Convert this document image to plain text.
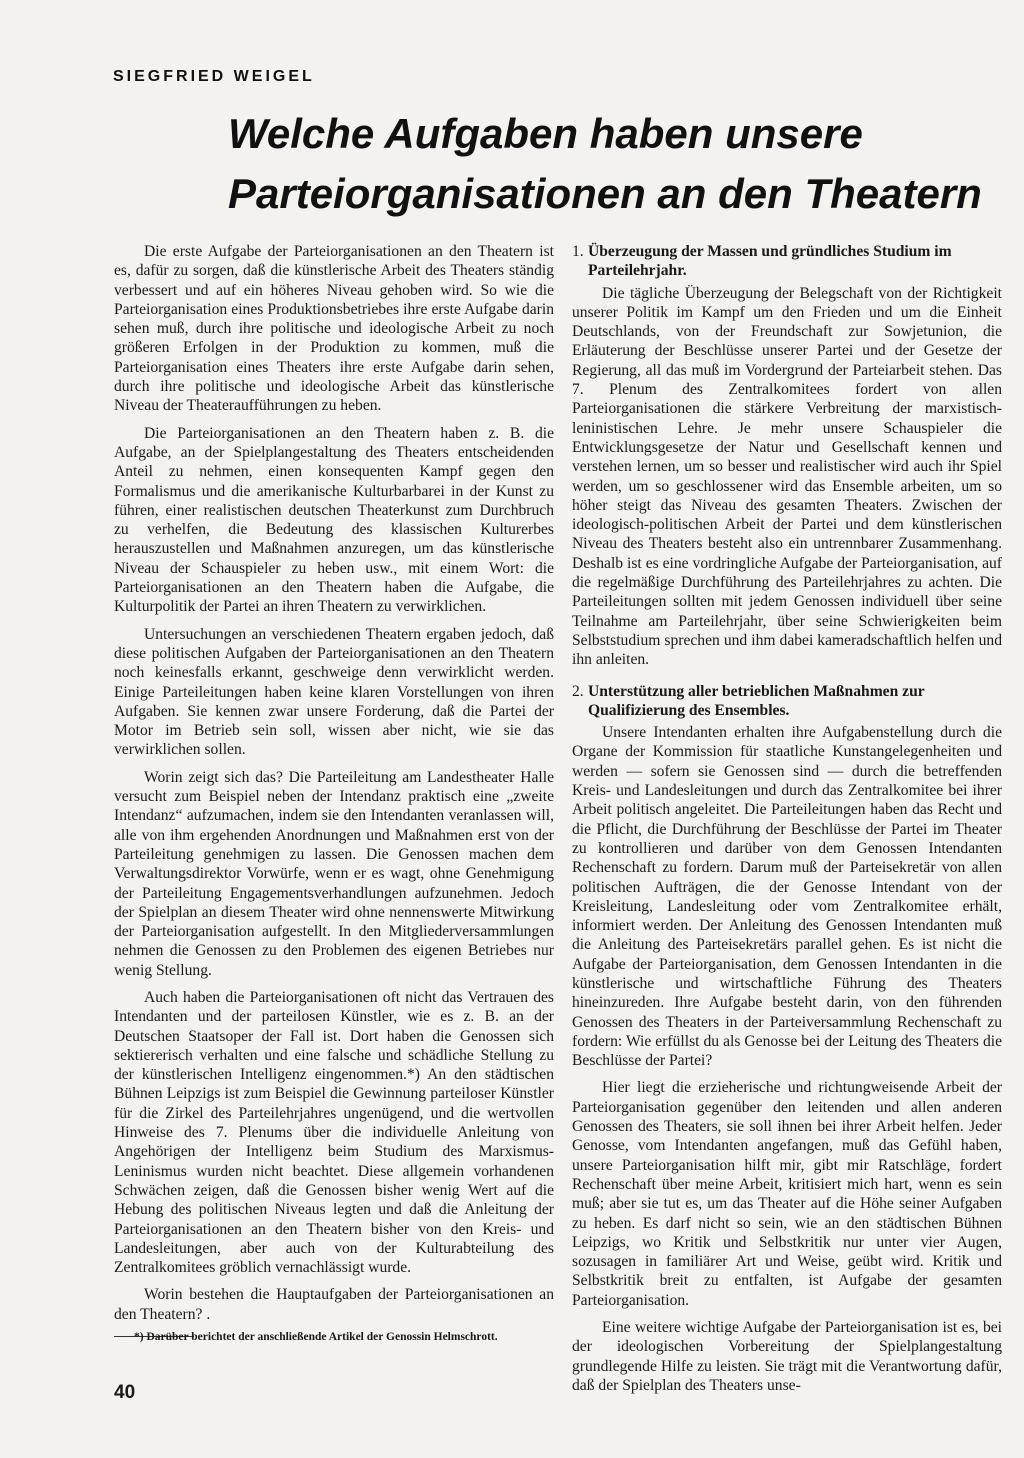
SIEGFRIED WEIGEL
Welche Aufgaben haben unsere
Parteiorganisationen an den Theatern

Die erste Aufgabe der Parteiorganisationen an den Theatern ist es, dafür zu sorgen, daß die künstlerische Arbeit des Theaters ständig verbessert und auf ein höheres Niveau gehoben wird. So wie die Parteiorganisation eines Produktionsbetriebes ihre erste Aufgabe darin sehen muß, durch ihre politische und ideologische Arbeit zu noch größeren Erfolgen in der Produktion zu kommen, muß die Parteiorganisation eines Theaters ihre erste Aufgabe darin sehen, durch ihre politische und ideologische Arbeit das künstlerische Niveau der Theateraufführungen zu heben.

Die Parteiorganisationen an den Theatern haben z. B. die Aufgabe, an der Spielplangestaltung des Theaters entscheidenden Anteil zu nehmen, einen konsequenten Kampf gegen den Formalismus und die amerikanische Kulturbarbarei in der Kunst zu führen, einer realistischen deutschen Theaterkunst zum Durchbruch zu verhelfen, die Bedeutung des klassischen Kulturerbes herauszustellen und Maßnahmen anzuregen, um das künstlerische Niveau der Schauspieler zu heben usw., mit einem Wort: die Parteiorganisationen an den Theatern haben die Aufgabe, die Kulturpolitik der Partei an ihren Theatern zu verwirklichen.

Untersuchungen an verschiedenen Theatern ergaben jedoch, daß diese politischen Aufgaben der Parteiorganisationen an den Theatern noch keinesfalls erkannt, geschweige denn verwirklicht werden. Einige Parteileitungen haben keine klaren Vorstellungen von ihren Aufgaben. Sie kennen zwar unsere Forderung, daß die Partei der Motor im Betrieb sein soll, wissen aber nicht, wie sie das verwirklichen sollen.

Worin zeigt sich das? Die Parteileitung am Landestheater Halle versucht zum Beispiel neben der Intendanz praktisch eine „zweite Intendanz“ aufzumachen, indem sie den Intendanten veranlassen will, alle von ihm ergehenden Anordnungen und Maßnahmen erst von der Parteileitung genehmigen zu lassen. Die Genossen machen dem Verwaltungsdirektor Vorwürfe, wenn er es wagt, ohne Genehmigung der Parteileitung Engagementsverhandlungen aufzunehmen. Jedoch der Spielplan an diesem Theater wird ohne nennenswerte Mitwirkung der Parteiorganisation aufgestellt. In den Mitgliederversammlungen nehmen die Genossen zu den Problemen des eigenen Betriebes nur wenig Stellung.

Auch haben die Parteiorganisationen oft nicht das Vertrauen des Intendanten und der parteilosen Künstler, wie es z. B. an der Deutschen Staatsoper der Fall ist. Dort haben die Genossen sich sektiererisch verhalten und eine falsche und schädliche Stellung zu der künstlerischen Intelligenz eingenommen.*) An den städtischen Bühnen Leipzigs ist zum Beispiel die Gewinnung parteiloser Künstler für die Zirkel des Parteilehrjahres ungenügend, und die wertvollen Hinweise des 7. Plenums über die individuelle Anleitung von Angehörigen der Intelligenz beim Studium des Marxismus-Leninismus wurden nicht beachtet. Diese allgemein vorhandenen Schwächen zeigen, daß die Genossen bisher wenig Wert auf die Hebung des politischen Niveaus legten und daß die Anleitung der Parteiorganisationen an den Theatern bisher von den Kreis- und Landesleitungen, aber auch von der Kulturabteilung des Zentralkomitees gröblich vernachlässigt wurde.

Worin bestehen die Hauptaufgaben der Parteiorganisationen an den Theatern? .

1. Überzeugung der Massen und gründliches Studium im Parteilehrjahr.

Die tägliche Überzeugung der Belegschaft von der Richtigkeit unserer Politik im Kampf um den Frieden und um die Einheit Deutschlands, von der Freundschaft zur Sowjetunion, die Erläuterung der Beschlüsse unserer Partei und der Gesetze der Regierung, all das muß im Vordergrund der Parteiarbeit stehen. Das 7. Plenum des Zentralkomitees fordert von allen Parteiorganisationen die stärkere Verbreitung der marxistisch-leninistischen Lehre. Je mehr unsere Schauspieler die Entwicklungsgesetze der Natur und Gesellschaft kennen und verstehen lernen, um so besser und realistischer wird auch ihr Spiel werden, um so geschlossener wird das Ensemble arbeiten, um so höher steigt das Niveau des gesamten Theaters. Zwischen der ideologisch-politischen Arbeit der Partei und dem künstlerischen Niveau des Theaters besteht also ein untrennbarer Zusammenhang. Deshalb ist es eine vordringliche Aufgabe der Parteiorganisation, auf die regelmäßige Durchführung des Parteilehrjahres zu achten. Die Parteileitungen sollten mit jedem Genossen individuell über seine Teilnahme am Parteilehrjahr, über seine Schwierigkeiten beim Selbststudium sprechen und ihm dabei kameradschaftlich helfen und ihn anleiten.

2. Unterstützung aller betrieblichen Maßnahmen zur Qualifizierung des Ensembles.

Unsere Intendanten erhalten ihre Aufgabenstellung durch die Organe der Kommission für staatliche Kunstangelegenheiten und werden — sofern sie Genossen sind — durch die betreffenden Kreis- und Landesleitungen und durch das Zentralkomitee bei ihrer Arbeit politisch angeleitet. Die Parteileitungen haben das Recht und die Pflicht, die Durchführung der Beschlüsse der Partei im Theater zu kontrollieren und darüber von dem Genossen Intendanten Rechenschaft zu fordern. Darum muß der Parteisekretär von allen politischen Aufträgen, die der Genosse Intendant von der Kreisleitung, Landesleitung oder vom Zentralkomitee erhält, informiert werden. Der Anleitung des Genossen Intendanten muß die Anleitung des Parteisekretärs parallel gehen. Es ist nicht die Aufgabe der Parteiorganisation, dem Genossen Intendanten in die künstlerische und wirtschaftliche Führung des Theaters hineinzureden. Ihre Aufgabe besteht darin, von den führenden Genossen des Theaters in der Parteiversammlung Rechenschaft zu fordern: Wie erfüllst du als Genosse bei der Leitung des Theaters die Beschlüsse der Partei?

Hier liegt die erzieherische und richtungweisende Arbeit der Parteiorganisation gegenüber den leitenden und allen anderen Genossen des Theaters, sie soll ihnen bei ihrer Arbeit helfen. Jeder Genosse, vom Intendanten angefangen, muß das Gefühl haben, unsere Parteiorganisation hilft mir, gibt mir Ratschläge, fordert Rechenschaft über meine Arbeit, kritisiert mich hart, wenn es sein muß; aber sie tut es, um das Theater auf die Höhe seiner Aufgaben zu heben. Es darf nicht so sein, wie an den städtischen Bühnen Leipzigs, wo Kritik und Selbstkritik nur unter vier Augen, sozusagen in familiärer Art und Weise, geübt wird. Kritik und Selbstkritik breit zu entfalten, ist Aufgabe der gesamten Parteiorganisation.

Eine weitere wichtige Aufgabe der Parteiorganisation ist es, bei der ideologischen Vorbereitung der Spielplangestaltung grundlegende Hilfe zu leisten. Sie trägt mit die Verantwortung dafür, daß der Spielplan des Theaters unse-

*) Darüber berichtet der anschließende Artikel der Genossin Helmschrott.
40
